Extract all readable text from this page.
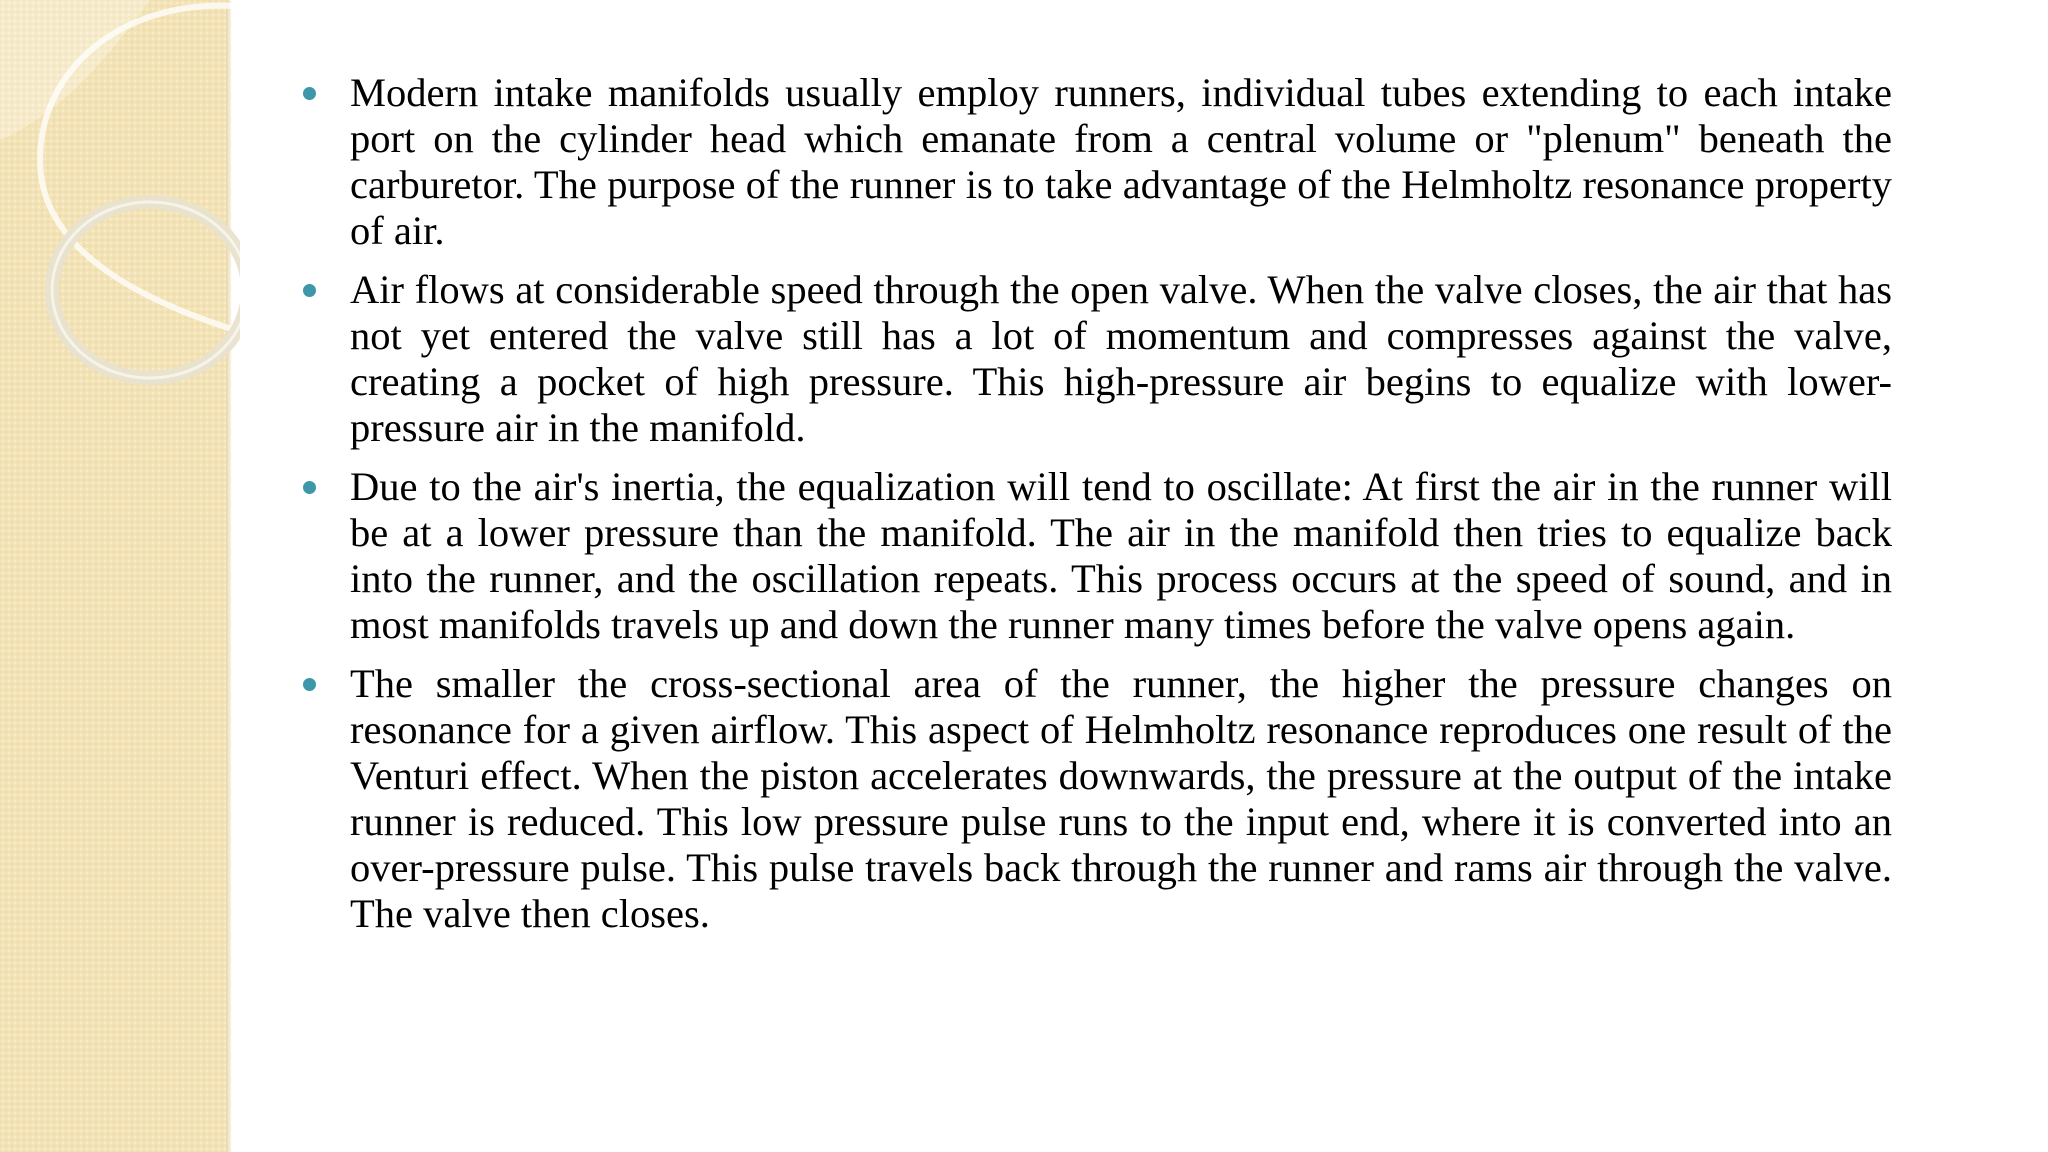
Modern intake manifolds usually employ runners, individual tubes extending to each intake port on the cylinder head which emanate from a central volume or "plenum" beneath the carburetor. The purpose of the runner is to take advantage of the Helmholtz resonance property of air.
Air flows at considerable speed through the open valve. When the valve closes, the air that has not yet entered the valve still has a lot of momentum and compresses against the valve, creating a pocket of high pressure. This high-pressure air begins to equalize with lower-pressure air in the manifold.
Due to the air's inertia, the equalization will tend to oscillate: At first the air in the runner will be at a lower pressure than the manifold. The air in the manifold then tries to equalize back into the runner, and the oscillation repeats. This process occurs at the speed of sound, and in most manifolds travels up and down the runner many times before the valve opens again.
The smaller the cross-sectional area of the runner, the higher the pressure changes on resonance for a given airflow. This aspect of Helmholtz resonance reproduces one result of the Venturi effect. When the piston accelerates downwards, the pressure at the output of the intake runner is reduced. This low pressure pulse runs to the input end, where it is converted into an over-pressure pulse. This pulse travels back through the runner and rams air through the valve. The valve then closes.
